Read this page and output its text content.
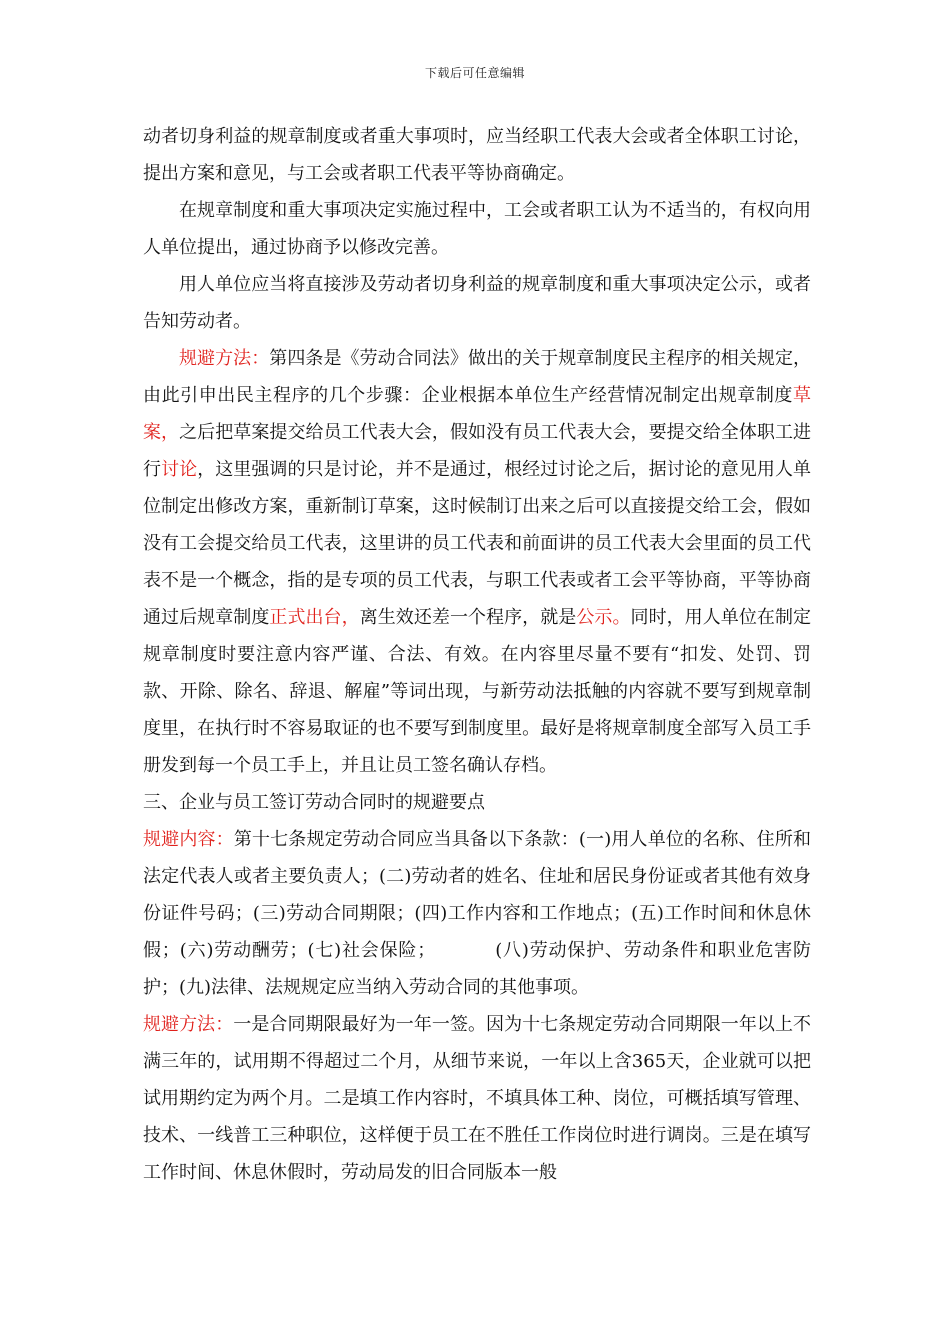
下载后可任意编辑

动者切身利益的规章制度或者重大事项时，应当经职工代表大会或者全体职工讨论，提出方案和意见，与工会或者职工代表平等协商确定。

在规章制度和重大事项决定实施过程中，工会或者职工认为不适当的，有权向用人单位提出，通过协商予以修改完善。

用人单位应当将直接涉及劳动者切身利益的规章制度和重大事项决定公示，或者告知劳动者。

规避方法：第四条是《劳动合同法》做出的关于规章制度民主程序的相关规定，由此引申出民主程序的几个步骤：企业根据本单位生产经营情况制定出规章制度草案，之后把草案提交给员工代表大会，假如没有员工代表大会，要提交给全体职工进行讨论，这里强调的只是讨论，并不是通过，根经过讨论之后，据讨论的意见用人单位制定出修改方案，重新制订草案，这时候制订出来之后可以直接提交给工会，假如没有工会提交给员工代表，这里讲的员工代表和前面讲的员工代表大会里面的员工代表不是一个概念，指的是专项的员工代表，与职工代表或者工会平等协商，平等协商通过后规章制度正式出台，离生效还差一个程序，就是公示。同时，用人单位在制定规章制度时要注意内容严谨、合法、有效。在内容里尽量不要有“扣发、处罚、罚款、开除、除名、辞退、解雇”等词出现，与新劳动法抵触的内容就不要写到规章制度里，在执行时不容易取证的也不要写到制度里。最好是将规章制度全部写入员工手册发到每一个员工手上，并且让员工签名确认存档。

三、企业与员工签订劳动合同时的规避要点

规避内容：第十七条规定劳动合同应当具备以下条款：(一)用人单位的名称、住所和法定代表人或者主要负责人；(二)劳动者的姓名、住址和居民身份证或者其他有效身份证件号码；(三)劳动合同期限；(四)工作内容和工作地点；(五)工作时间和休息休假；(六)劳动酬劳；(七)社会保险；	(八)劳动保护、劳动条件和职业危害防护；(九)法律、法规规定应当纳入劳动合同的其他事项。

规避方法：一是合同期限最好为一年一签。因为十七条规定劳动合同期限一年以上不满三年的，试用期不得超过二个月，从细节来说，一年以上含365天，企业就可以把试用期约定为两个月。二是填工作内容时，不填具体工种、岗位，可概括填写管理、技术、一线普工三种职位，这样便于员工在不胜任工作岗位时进行调岗。三是在填写工作时间、休息休假时，劳动局发的旧合同版本一般
